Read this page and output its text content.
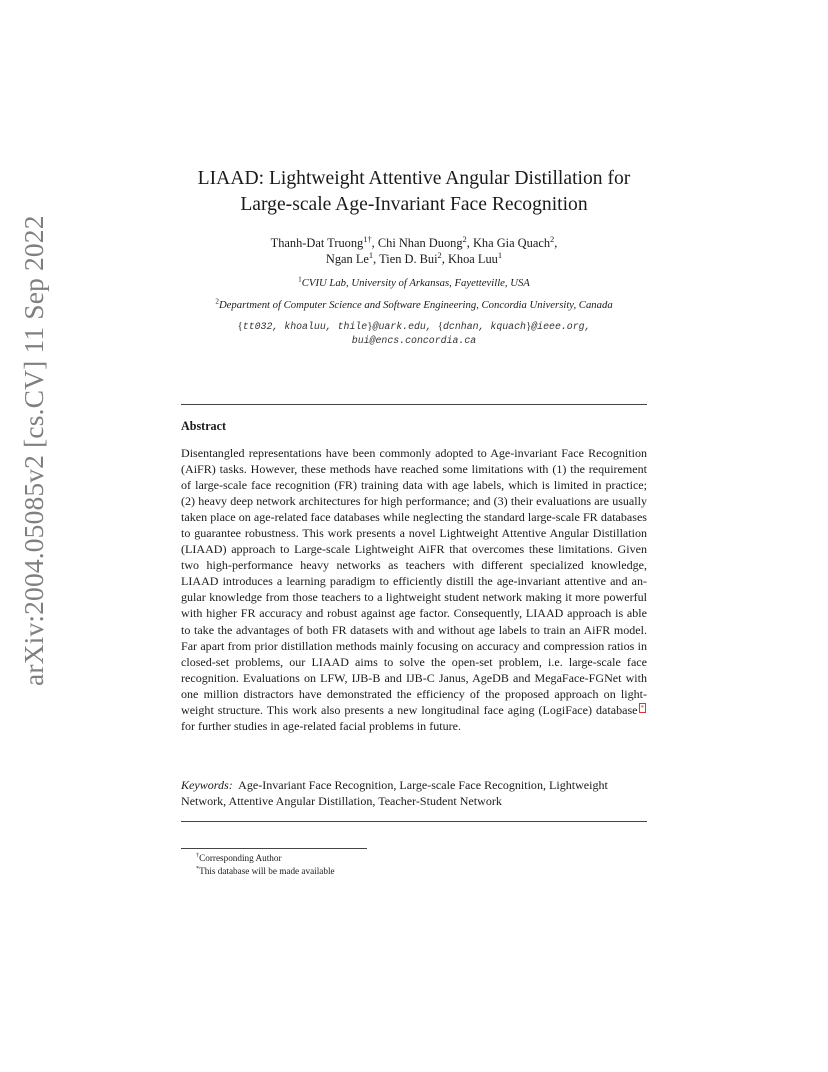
arXiv:2004.05085v2 [cs.CV] 11 Sep 2022
LIAAD: Lightweight Attentive Angular Distillation for
Large-scale Age-Invariant Face Recognition
Thanh-Dat Truong$^{1\dagger}$, Chi Nhan Duong$^2$, Kha Gia Quach$^2$,
Ngan Le$^1$, Tien D. Bui$^2$, Khoa Luu$^1$
$^1$CVIU Lab, University of Arkansas, Fayetteville, USA
$^2$Department of Computer Science and Software Engineering, Concordia University, Canada
{tt032, khoaluu, thile}@uark.edu, {dcnhan, kquach}@ieee.org,
bui@encs.concordia.ca
Abstract
Disentangled representations have been commonly adopted to Age-invariant Face Recognition (AiFR) tasks. However, these methods have reached some limitations with (1) the requirement of large-scale face recognition (FR) training data with age labels, which is limited in practice; (2) heavy deep network architectures for high performance; and (3) their evaluations are usually taken place on age-related face databases while neglecting the standard large-scale FR databases to guarantee robustness. This work presents a novel Lightweight Attentive Angular Distillation (LIAAD) approach to Large-scale Lightweight AiFR that overcomes these limitations. Given two high-performance heavy networks as teachers with different specialized knowledge, LIAAD introduces a learning paradigm to efficiently distill the age-invariant attentive and angular knowledge from those teachers to a lightweight student network making it more powerful with higher FR accuracy and robust against age factor. Consequently, LIAAD approach is able to take the advantages of both FR datasets with and without age labels to train an AiFR model. Far apart from prior distillation methods mainly focusing on accuracy and compression ratios in closed-set problems, our LIAAD aims to solve the open-set problem, i.e. large-scale face recognition. Evaluations on LFW, IJB-B and IJB-C Janus, AgeDB and MegaFace-FGNet with one million distractors have demonstrated the efficiency of the proposed approach on light-weight structure. This work also presents a new longitudinal face aging (LogiFace) database * for further studies in age-related facial problems in future.
Keywords: Age-Invariant Face Recognition, Large-scale Face Recognition, Lightweight Network, Attentive Angular Distillation, Teacher-Student Network
†Corresponding Author
*This database will be made available
